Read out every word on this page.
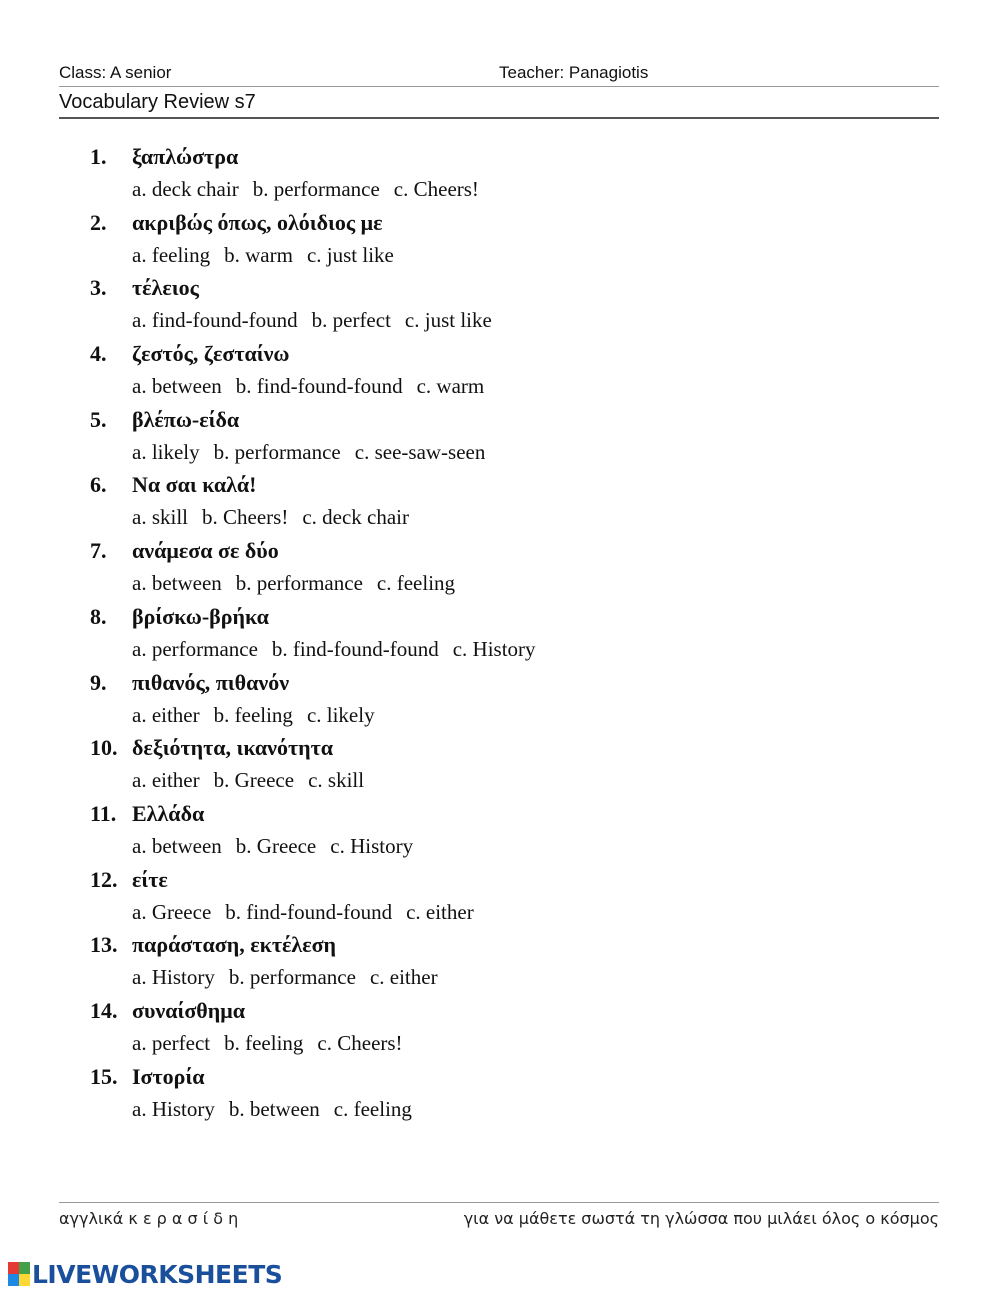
Class: A senior	Teacher: Panagiotis
Vocabulary Review s7
1.	ξαπλώστρα
a. deck chair b. performance c. Cheers!
2.	ακριβώς όπως, ολόιδιος με
a. feeling b. warm c. just like
3.	τέλειος
a. find-found-found b. perfect c. just like
4.	ζεστός, ζεσταίνω
a. between b. find-found-found c. warm
5.	βλέπω-είδα
a. likely b. performance c. see-saw-seen
6.	Να σαι καλά!
a. skill b. Cheers! c. deck chair
7.	ανάμεσα σε δύο
a. between b. performance c. feeling
8.	βρίσκω-βρήκα
a. performance b. find-found-found c. History
9.	πιθανός, πιθανόν
a. either b. feeling c. likely
10. δεξιότητα, ικανότητα
a. either b. Greece c. skill
11. Ελλάδα
a. between b. Greece c. History
12. είτε
a. Greece b. find-found-found c. either
13. παράσταση, εκτέλεση
a. History b. performance c. either
14. συναίσθημα
a. perfect b. feeling c. Cheers!
15. Ιστορία
a. History b. between c. feeling
αγγλικά κ ε ρ α σ ί δ η	για να μάθετε σωστά τη γλώσσα που μιλάει όλος ο κόσμος
LIVEWORKSHEETS
